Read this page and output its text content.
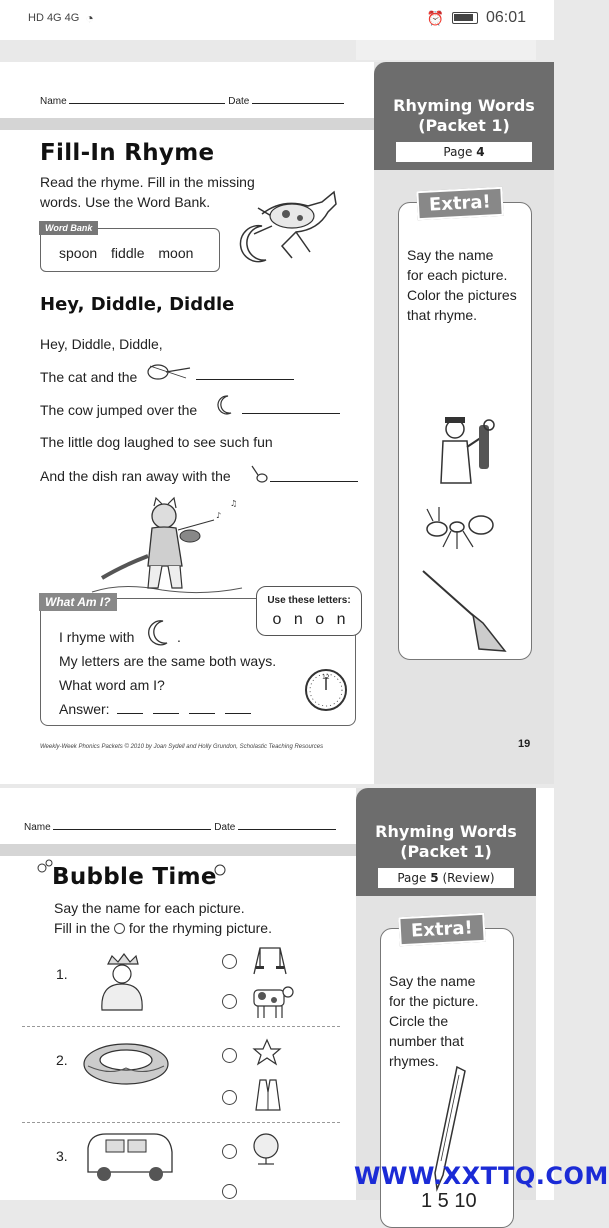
HD 4G 4G ◔	⏰	06:01
Rhyming Words
(Packet 1)
Page 4
Extra!
Say the name
for each picture.
Color the pictures
that rhyme.
Name	Date
Fill-In Rhyme
Read the rhyme. Fill in the missing
words. Use the Word Bank.
Word Bank
spoon fiddle moon
Hey, Diddle, Diddle
Hey, Diddle, Diddle,
The cat and the
The cow jumped over the
The little dog laughed to see such fun
And the dish ran away with the
♪
♫
What Am I?
I rhyme with	.
My letters are the same both ways.
What word am I?
Answer:
12
Use these letters:
o n o n
Weekly-Week Phonics Packets © 2010 by Joan Sydell and Holly Grundon, Scholastic Teaching Resources	19
Rhyming Words
(Packet 1)
Page 5 (Review)
Extra!
Say the name
for the picture.
Circle the
number that
rhymes.
1 5 10
Name	Date
Bubble Time
Say the name for each picture.
Fill in the for the rhyming picture.
1.
2.
3.
WWW.XXTTQ.COM
